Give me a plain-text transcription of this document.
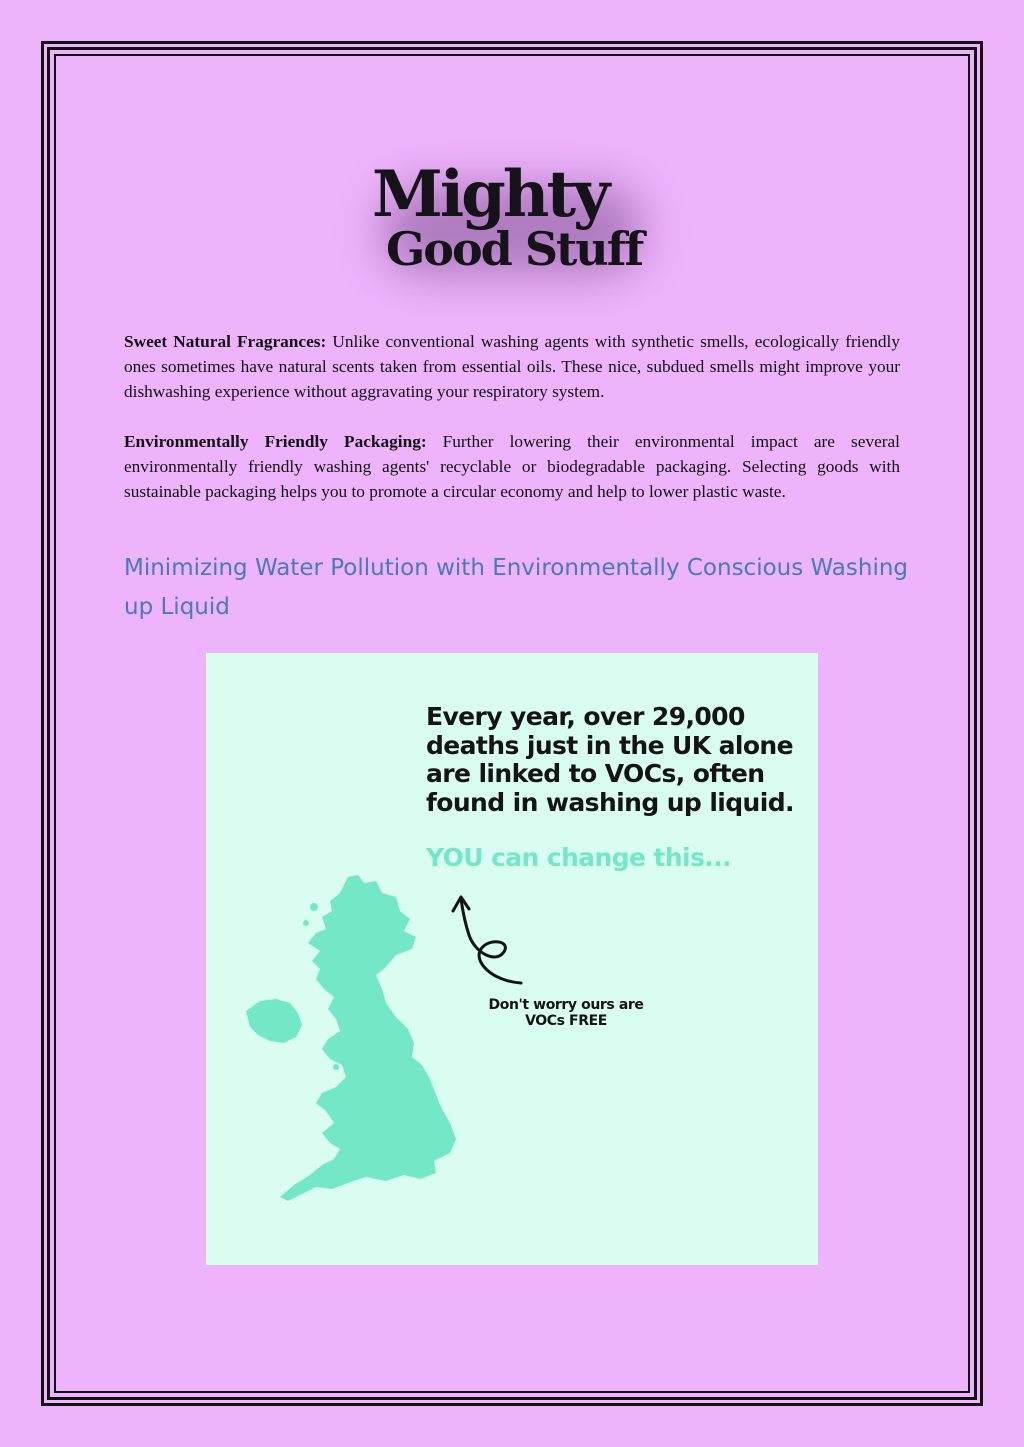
Mighty
Good Stuff

Sweet Natural Fragrances: Unlike conventional washing agents with synthetic smells, ecologically friendly ones sometimes have natural scents taken from essential oils. These nice, subdued smells might improve your dishwashing experience without aggravating your respiratory system.

Environmentally Friendly Packaging: Further lowering their environmental impact are several environmentally friendly washing agents' recyclable or biodegradable packaging. Selecting goods with sustainable packaging helps you to promote a circular economy and help to lower plastic waste.

Minimizing Water Pollution with Environmentally Conscious Washing up Liquid
Every year, over 29,000
deaths just in the UK alone
are linked to VOCs, often
found in washing up liquid.
YOU can change this...
Don't worry ours are
VOCs FREE
